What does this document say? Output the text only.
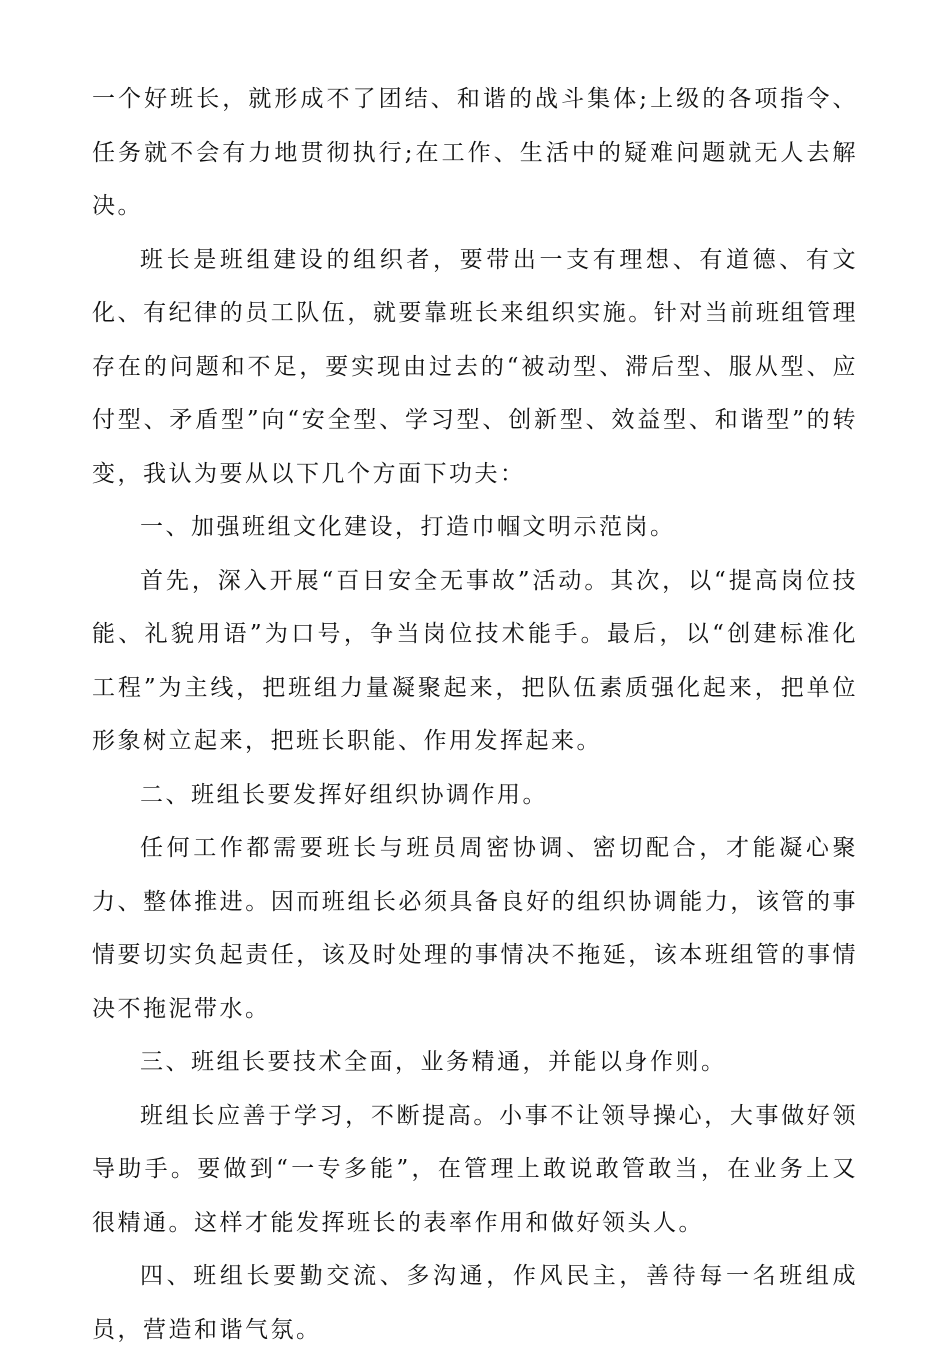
一个好班长，就形成不了团结、和谐的战斗集体;上级的各项指令、任务就不会有力地贯彻执行;在工作、生活中的疑难问题就无人去解决。

班长是班组建设的组织者，要带出一支有理想、有道德、有文化、有纪律的员工队伍，就要靠班长来组织实施。针对当前班组管理存在的问题和不足，要实现由过去的“被动型、滞后型、服从型、应付型、矛盾型”向“安全型、学习型、创新型、效益型、和谐型”的转变，我认为要从以下几个方面下功夫：

一、加强班组文化建设，打造巾帼文明示范岗。

首先，深入开展“百日安全无事故”活动。其次，以“提高岗位技能、礼貌用语”为口号，争当岗位技术能手。最后，以“创建标准化工程”为主线，把班组力量凝聚起来，把队伍素质强化起来，把单位形象树立起来，把班长职能、作用发挥起来。

二、班组长要发挥好组织协调作用。

任何工作都需要班长与班员周密协调、密切配合，才能凝心聚力、整体推进。因而班组长必须具备良好的组织协调能力，该管的事情要切实负起责任，该及时处理的事情决不拖延，该本班组管的事情决不拖泥带水。

三、班组长要技术全面，业务精通，并能以身作则。

班组长应善于学习，不断提高。小事不让领导操心，大事做好领导助手。要做到“一专多能”，在管理上敢说敢管敢当，在业务上又很精通。这样才能发挥班长的表率作用和做好领头人。

四、班组长要勤交流、多沟通，作风民主，善待每一名班组成员，营造和谐气氛。
